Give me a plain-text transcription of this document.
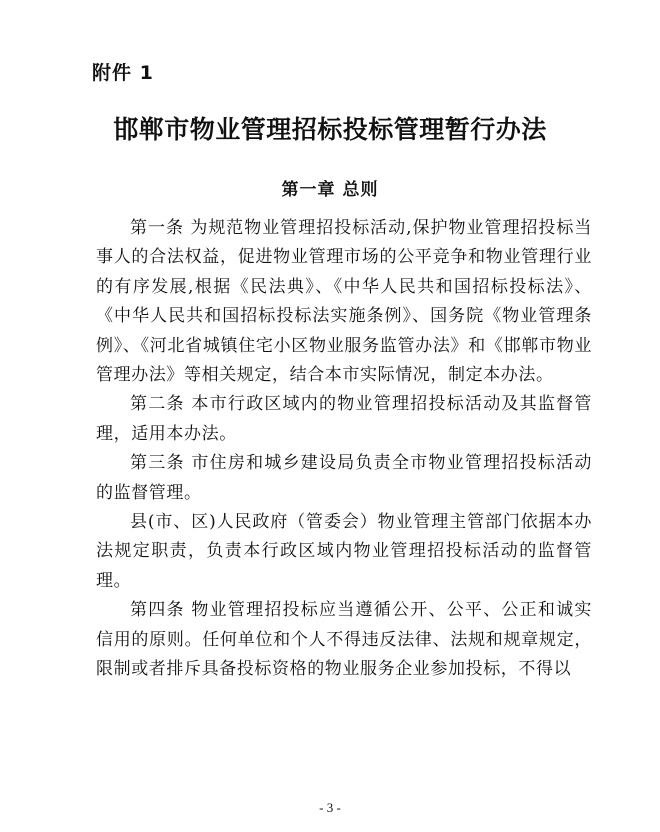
附件 1
邯郸市物业管理招标投标管理暂行办法
第一章 总则

第一条 为规范物业管理招投标活动,保护物业管理招投标当事人的合法权益，促进物业管理市场的公平竞争和物业管理行业的有序发展,根据《民法典》、《中华人民共和国招标投标法》、《中华人民共和国招标投标法实施条例》、国务院《物业管理条例》、《河北省城镇住宅小区物业服务监管办法》和《邯郸市物业管理办法》等相关规定，结合本市实际情况，制定本办法。

第二条 本市行政区域内的物业管理招投标活动及其监督管理，适用本办法。

第三条 市住房和城乡建设局负责全市物业管理招投标活动的监督管理。

县(市、区)人民政府（管委会）物业管理主管部门依据本办法规定职责，负责本行政区域内物业管理招投标活动的监督管理。

第四条 物业管理招投标应当遵循公开、公平、公正和诚实信用的原则。任何单位和个人不得违反法律、法规和规章规定，限制或者排斥具备投标资格的物业服务企业参加投标，不得以

- 3 -
